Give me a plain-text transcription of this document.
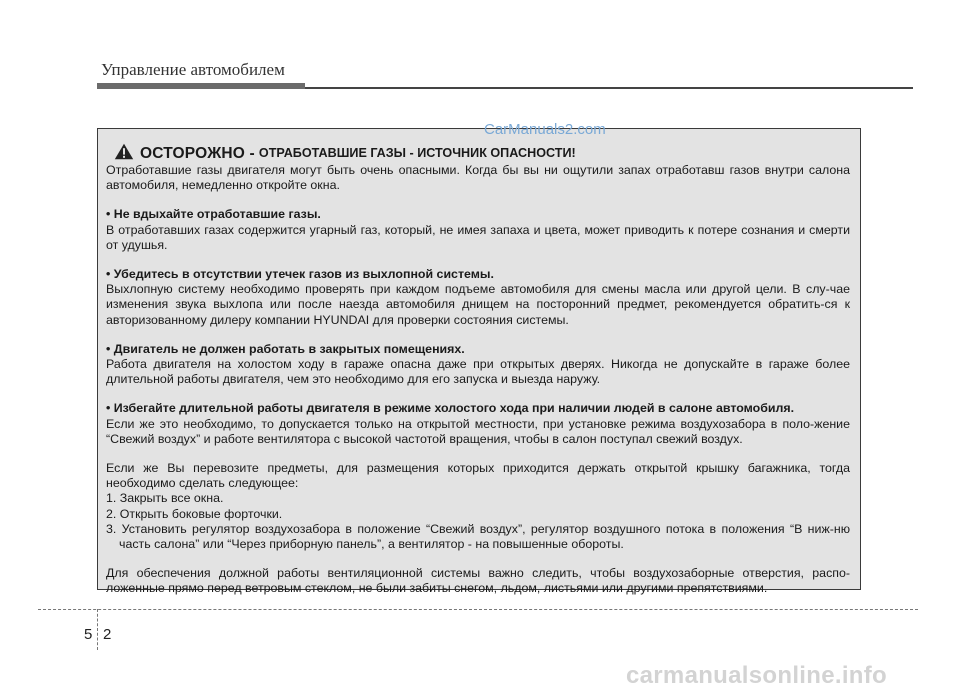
Управление автомобилем
ОСТОРОЖНО - ОТРАБОТАВШИЕ ГАЗЫ - ИСТОЧНИК ОПАСНОСТИ!

Отработавшие газы двигателя могут быть очень опасными. Когда бы вы ни ощутили запах отработавш газов внутри салона автомобиля, немедленно откройте окна.

• Не вдыхайте отработавшие газы.

В отработавших газах содержится угарный газ, который, не имея запаха и цвета, может приводить к потере сознания и смерти от удушья.

• Убедитесь в отсутствии утечек газов из выхлопной системы.

Выхлопную систему необходимо проверять при каждом подъеме автомобиля для смены масла или другой цели. В слу-чае изменения звука выхлопа или после наезда автомобиля днищем на посторонний предмет, рекомендуется обратить-ся к авторизованному дилеру компании HYUNDAI для проверки состояния системы.

• Двигатель не должен работать в закрытых помещениях.

Работа двигателя на холостом ходу в гараже опасна даже при открытых дверях. Никогда не допускайте в гараже более длительной работы двигателя, чем это необходимо для его запуска и выезда наружу.

• Избегайте длительной работы двигателя в режиме холостого хода при наличии людей в салоне автомобиля.

Если же это необходимо, то допускается только на открытой местности, при установке режима воздухозабора в поло-жение “Свежий воздух” и работе вентилятора с высокой частотой вращения, чтобы в салон поступал свежий воздух.

Если же Вы перевозите предметы, для размещения которых приходится держать открытой крышку багажника, тогда необходимо сделать следующее:

1. Закрыть все окна.

2. Открыть боковые форточки.

3. Установить регулятор воздухозабора в положение “Свежий воздух”, регулятор воздушного потока в положения “В ниж-ню часть салона” или “Через приборную панель”, а вентилятор - на повышенные обороты.

Для обеспечения должной работы вентиляционной системы важно следить, чтобы воздухозаборные отверстия, распо-ложенные прямо перед ветровым стеклом, не были забиты снегом, льдом, листьями или другими препятствиями.

CarManuals2.com
5 2
carmanualsonline.info
